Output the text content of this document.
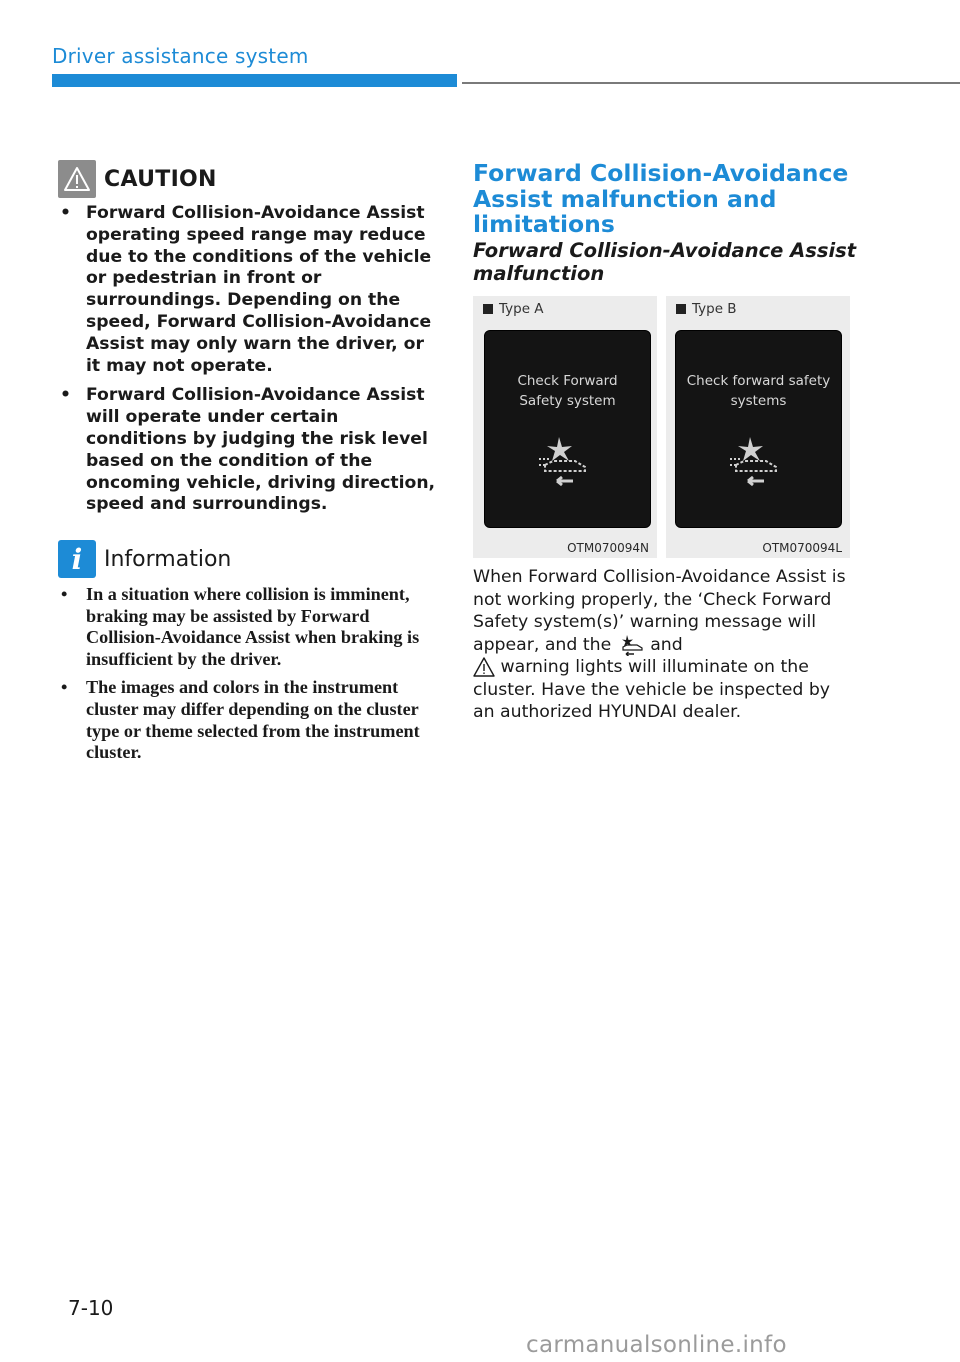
Driver assistance system
CAUTION
• Forward Collision-Avoidance Assist operating speed range may reduce due to the conditions of the vehicle or pedestrian in front or surroundings. Depending on the speed, Forward Collision-Avoidance Assist may only warn the driver, or it may not operate.
• Forward Collision-Avoidance Assist will operate under certain conditions by judging the risk level based on the condition of the oncoming vehicle, driving direction, speed and surroundings.
i Information
• In a situation where collision is imminent, braking may be assisted by Forward Collision-Avoidance Assist when braking is insufficient by the driver.
• The images and colors in the instrument cluster may differ depending on the cluster type or theme selected from the instrument cluster.
Forward Collision-Avoidance Assist malfunction and limitations
Forward Collision-Avoidance Assist malfunction
Type A
Check Forward
Safety system
OTM070094N
Type B
Check forward safety
systems
OTM070094L
When Forward Collision-Avoidance Assist is not working properly, the ‘Check Forward Safety system(s)’ warning message will appear, and the and
warning lights will illuminate on the cluster. Have the vehicle be inspected by an authorized HYUNDAI dealer.
7-10
carmanualsonline.info
